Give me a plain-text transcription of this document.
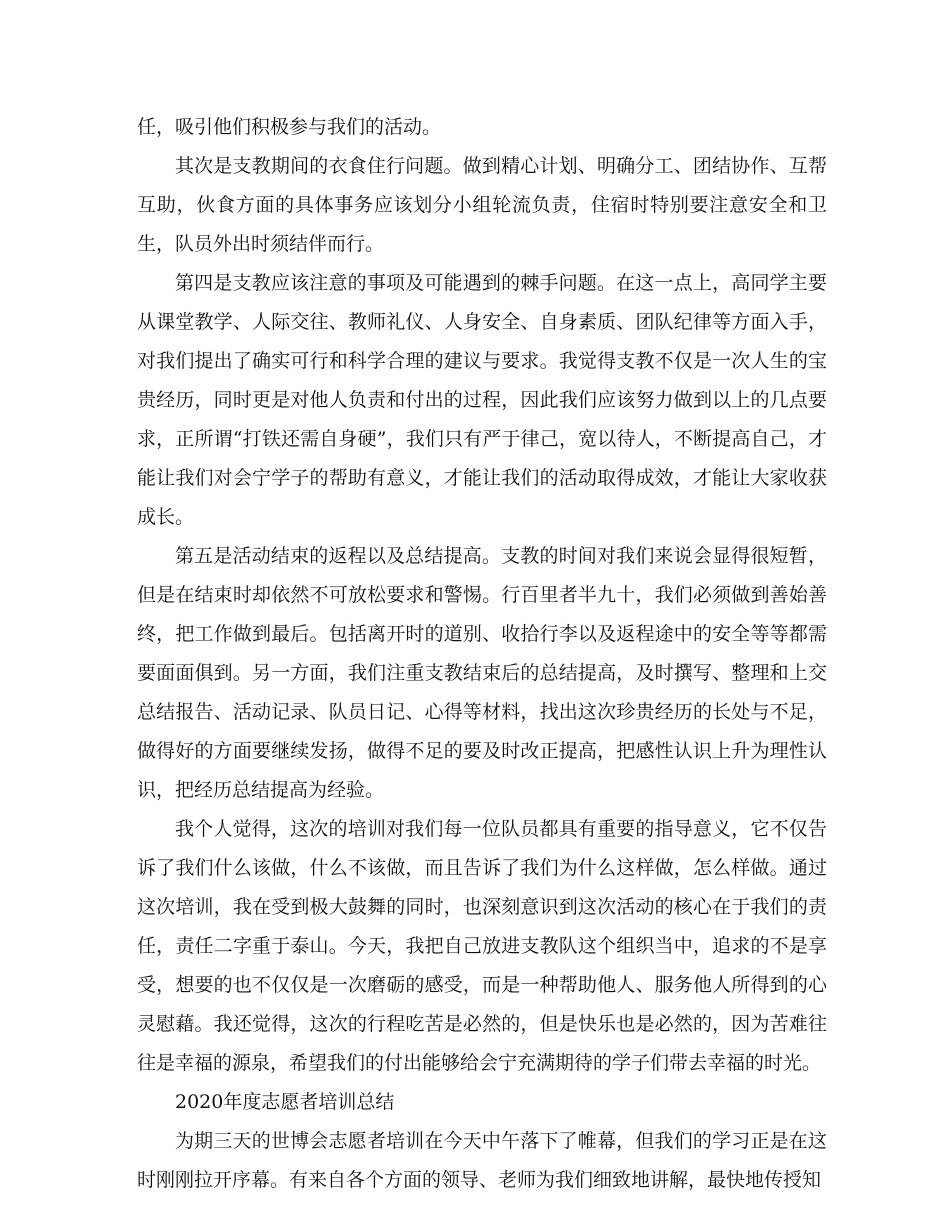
任，吸引他们积极参与我们的活动。

其次是支教期间的衣食住行问题。做到精心计划、明确分工、团结协作、互帮互助，伙食方面的具体事务应该划分小组轮流负责，住宿时特别要注意安全和卫生，队员外出时须结伴而行。

第四是支教应该注意的事项及可能遇到的棘手问题。在这一点上，高同学主要从课堂教学、人际交往、教师礼仪、人身安全、自身素质、团队纪律等方面入手，对我们提出了确实可行和科学合理的建议与要求。我觉得支教不仅是一次人生的宝贵经历，同时更是对他人负责和付出的过程，因此我们应该努力做到以上的几点要求，正所谓“打铁还需自身硬”，我们只有严于律己，宽以待人，不断提高自己，才能让我们对会宁学子的帮助有意义，才能让我们的活动取得成效，才能让大家收获成长。

第五是活动结束的返程以及总结提高。支教的时间对我们来说会显得很短暂，但是在结束时却依然不可放松要求和警惕。行百里者半九十，我们必须做到善始善终，把工作做到最后。包括离开时的道别、收拾行李以及返程途中的安全等等都需要面面俱到。另一方面，我们注重支教结束后的总结提高，及时撰写、整理和上交总结报告、活动记录、队员日记、心得等材料，找出这次珍贵经历的长处与不足，做得好的方面要继续发扬，做得不足的要及时改正提高，把感性认识上升为理性认识，把经历总结提高为经验。

我个人觉得，这次的培训对我们每一位队员都具有重要的指导意义，它不仅告诉了我们什么该做，什么不该做，而且告诉了我们为什么这样做，怎么样做。通过这次培训，我在受到极大鼓舞的同时，也深刻意识到这次活动的核心在于我们的责任，责任二字重于泰山。今天，我把自己放进支教队这个组织当中，追求的不是享受，想要的也不仅仅是一次磨砺的感受，而是一种帮助他人、服务他人所得到的心灵慰藉。我还觉得，这次的行程吃苦是必然的，但是快乐也是必然的，因为苦难往往是幸福的源泉，希望我们的付出能够给会宁充满期待的学子们带去幸福的时光。

2020年度志愿者培训总结

为期三天的世博会志愿者培训在今天中午落下了帷幕，但我们的学习正是在这时刚刚拉开序幕。有来自各个方面的领导、老师为我们细致地讲解，最快地传授知
